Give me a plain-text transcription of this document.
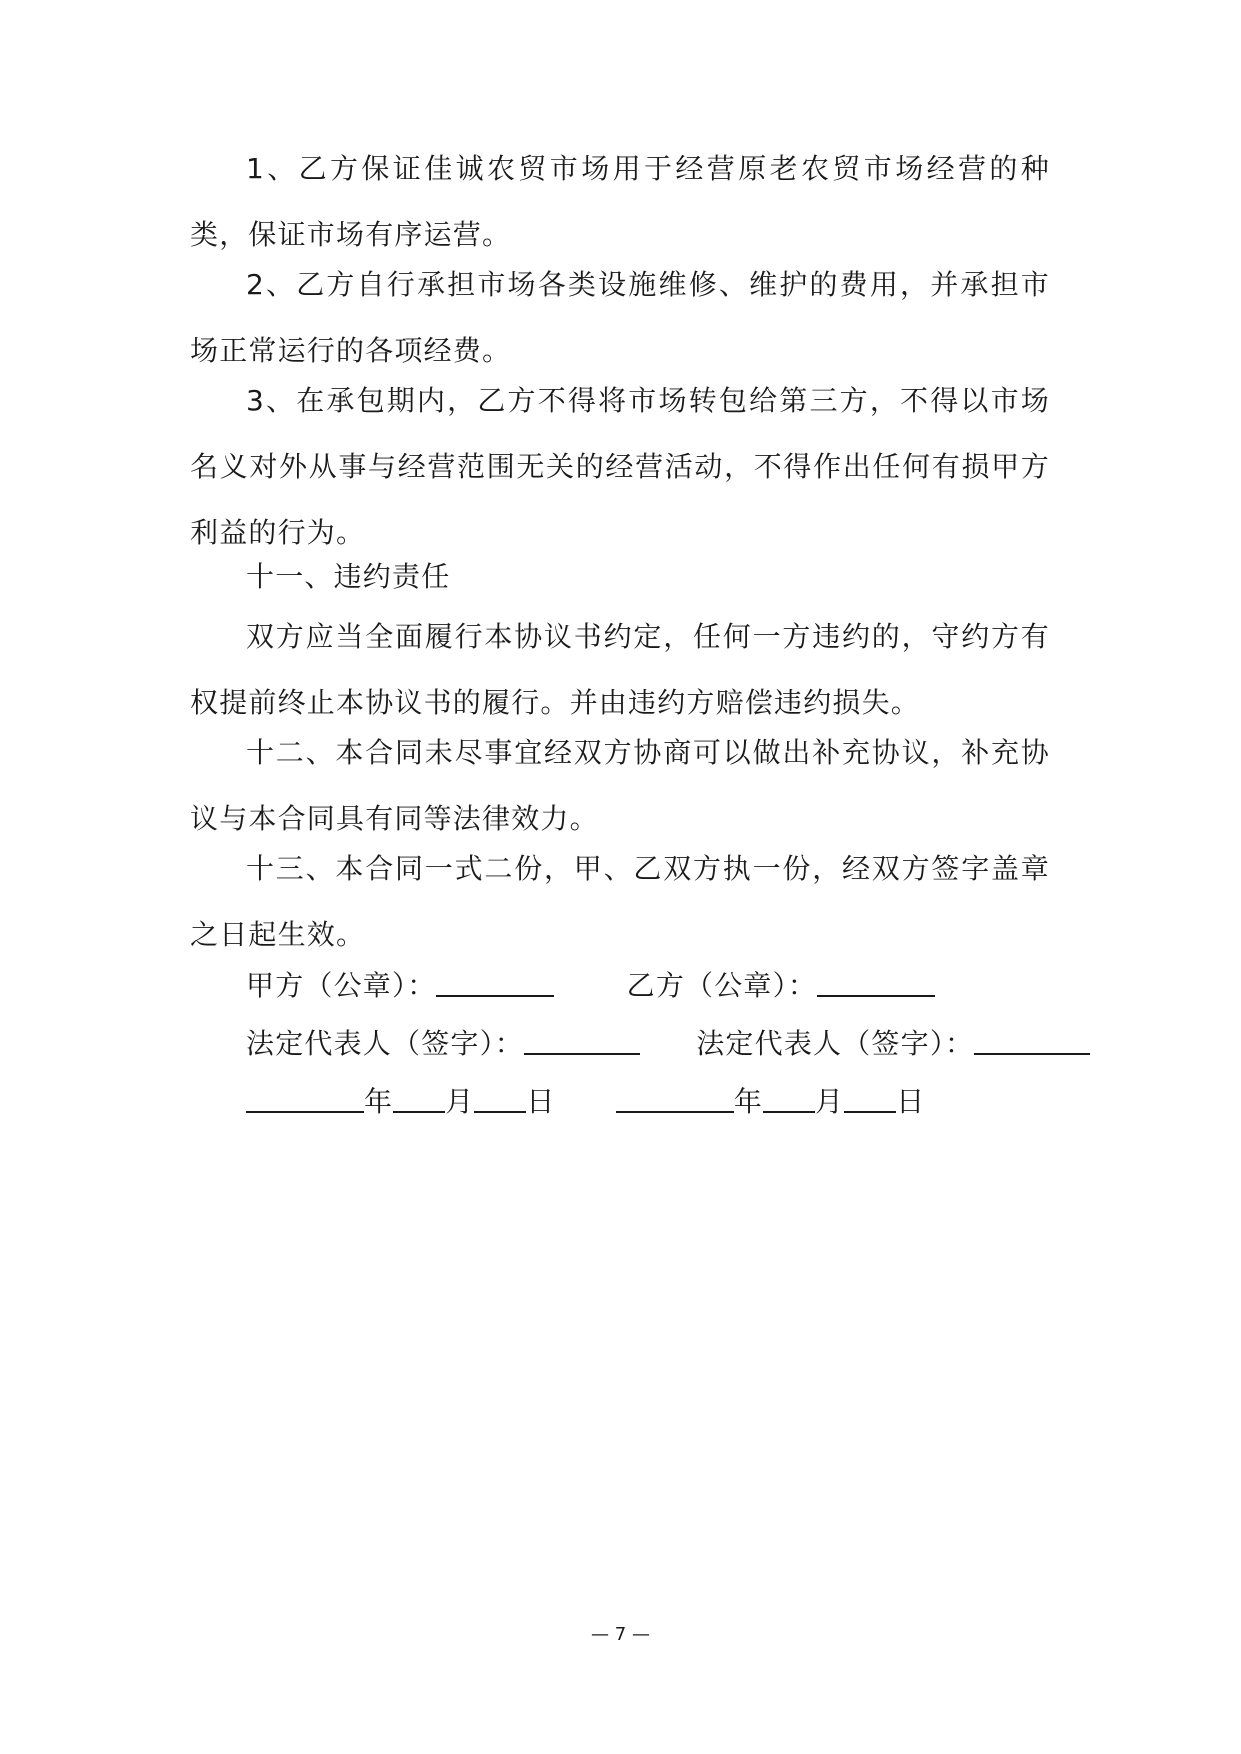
1、乙方保证佳诚农贸市场用于经营原老农贸市场经营的种类，保证市场有序运营。

2、乙方自行承担市场各类设施维修、维护的费用，并承担市场正常运行的各项经费。

3、在承包期内，乙方不得将市场转包给第三方，不得以市场名义对外从事与经营范围无关的经营活动，不得作出任何有损甲方利益的行为。

十一、违约责任

双方应当全面履行本协议书约定，任何一方违约的，守约方有权提前终止本协议书的履行。并由违约方赔偿违约损失。

十二、本合同未尽事宜经双方协商可以做出补充协议，补充协议与本合同具有同等法律效力。

十三、本合同一式二份，甲、乙双方执一份，经双方签字盖章之日起生效。

甲方（公章）：	乙方（公章）：
法定代表人（签字）：	法定代表人（签字）：
年 月 日	年 月 日
— 7 —
